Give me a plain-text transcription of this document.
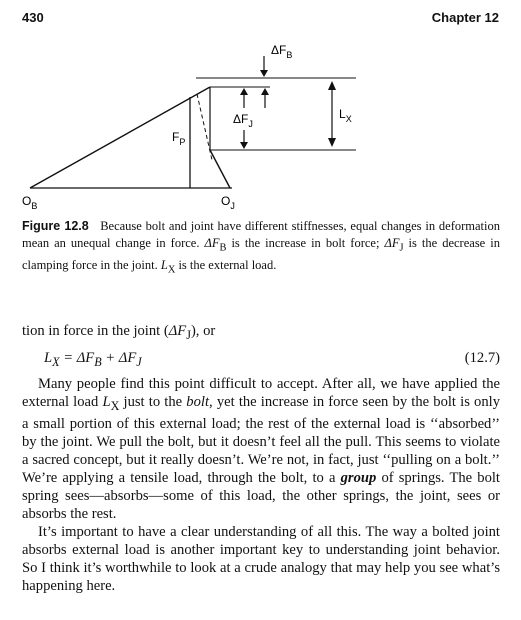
430	Chapter 12
$\Delta F_B$
$\Delta F_J$
$L_X$
$F_P$
$O_B$	$O_J$
Figure 12.8 Because bolt and joint have different stiffnesses, equal changes in deformation mean an unequal change in force. $\Delta F_B$ is the increase in bolt force; $\Delta F_J$ is the decrease in clamping force in the joint. $L_X$ is the external load.

tion in force in the joint $(\Delta F_J)$, or

$L_X = \Delta F_B + \Delta F_J$	(12.7)

Many people find this point difficult to accept. After all, we have applied the external load $L_X$ just to the bolt, yet the increase in force seen by the bolt is only a small portion of this external load; the rest of the external load is ‘‘absorbed’’ by the joint. We pull the bolt, but it doesn’t feel all the pull. This seems to violate a sacred concept, but it really doesn’t. We’re not, in fact, just ‘‘pulling on a bolt.’’ We’re applying a tensile load, through the bolt, to a group of springs. The bolt spring sees—absorbs—some of this load, the other springs, the joint, sees or absorbs the rest.

It’s important to have a clear understanding of all this. The way a bolted joint absorbs external load is another important key to understanding joint behavior. So I think it’s worthwhile to look at a crude analogy that may help you see what’s happening here.
